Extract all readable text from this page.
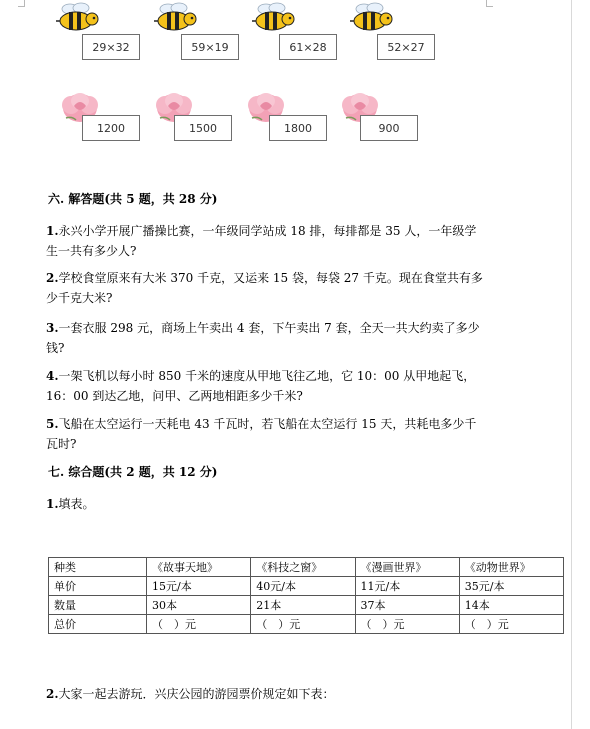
29×32	59×19	61×28	52×27
1200	1500	1800	900
六. 解答题(共 5 题，共 28 分)
1.永兴小学开展广播操比赛，一年级同学站成 18 排，每排都是 35 人，一年级学生一共有多少人?
2.学校食堂原来有大米 370 千克，又运来 15 袋，每袋 27 千克。现在食堂共有多少千克大米?
3.一套衣服 298 元，商场上午卖出 4 套，下午卖出 7 套，全天一共大约卖了多少钱?
4.一架飞机以每小时 850 千米的速度从甲地飞往乙地，它 10：00 从甲地起飞，16：00 到达乙地，问甲、乙两地相距多少千米?
5.飞船在太空运行一天耗电 43 千瓦时，若飞船在太空运行 15 天，共耗电多少千瓦时?
七. 综合题(共 2 题，共 12 分)
1.填表。
种类	《故事天地》	《科技之窗》	《漫画世界》	《动物世界》
单价	15元/本	40元/本	11元/本	35元/本
数量	30本	21本	37本	14本
总价	（　）元	（　）元	（　）元	（　）元
2.大家一起去游玩．兴庆公园的游园票价规定如下表：
